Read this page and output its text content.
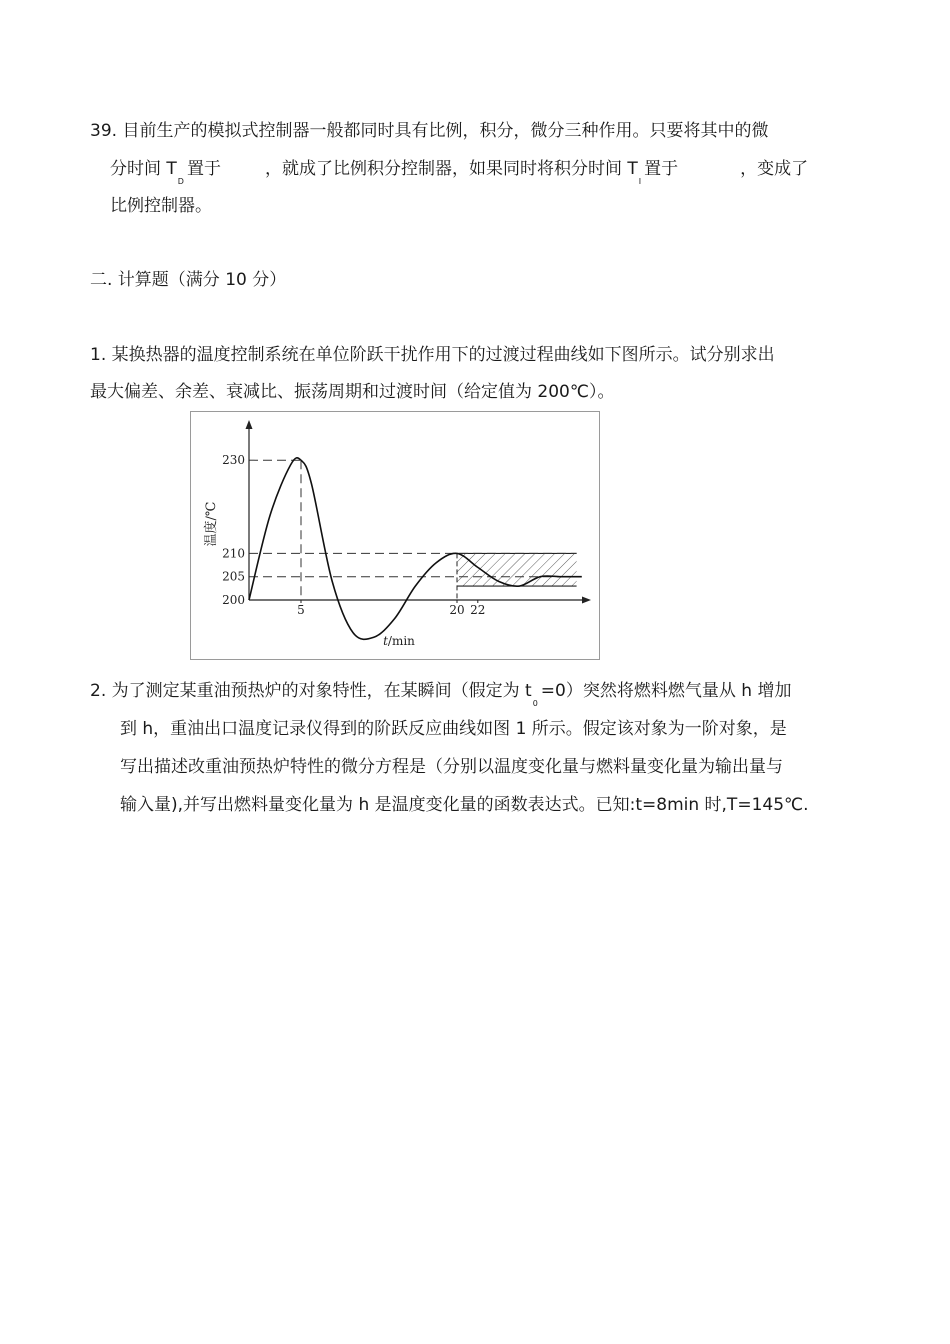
39. 目前生产的模拟式控制器一般都同时具有比例，积分，微分三种作用。只要将其中的微
分时间 $T_D$置于	，就成了比例积分控制器，如果同时将积分时间 $T_I$置于	，变成了
比例控制器。
二. 计算题（满分 10 分）
1. 某换热器的温度控制系统在单位阶跃干扰作用下的过渡过程曲线如下图所示。试分别求出
最大偏差、余差、衰减比、振荡周期和过渡时间（给定值为 200℃）。
温度/℃
t/min
230
210
205
200
5	20 22
2. 为了测定某重油预热炉的对象特性，在某瞬间（假定为 $t_0=0$）突然将燃料燃气量从 h 增加
到 h，重油出口温度记录仪得到的阶跃反应曲线如图 1 所示。假定该对象为一阶对象，是
写出描述改重油预热炉特性的微分方程是（分别以温度变化量与燃料量变化量为输出量与
输入量),并写出燃料量变化量为 h 是温度变化量的函数表达式。已知:t=8min 时,T=145℃.
